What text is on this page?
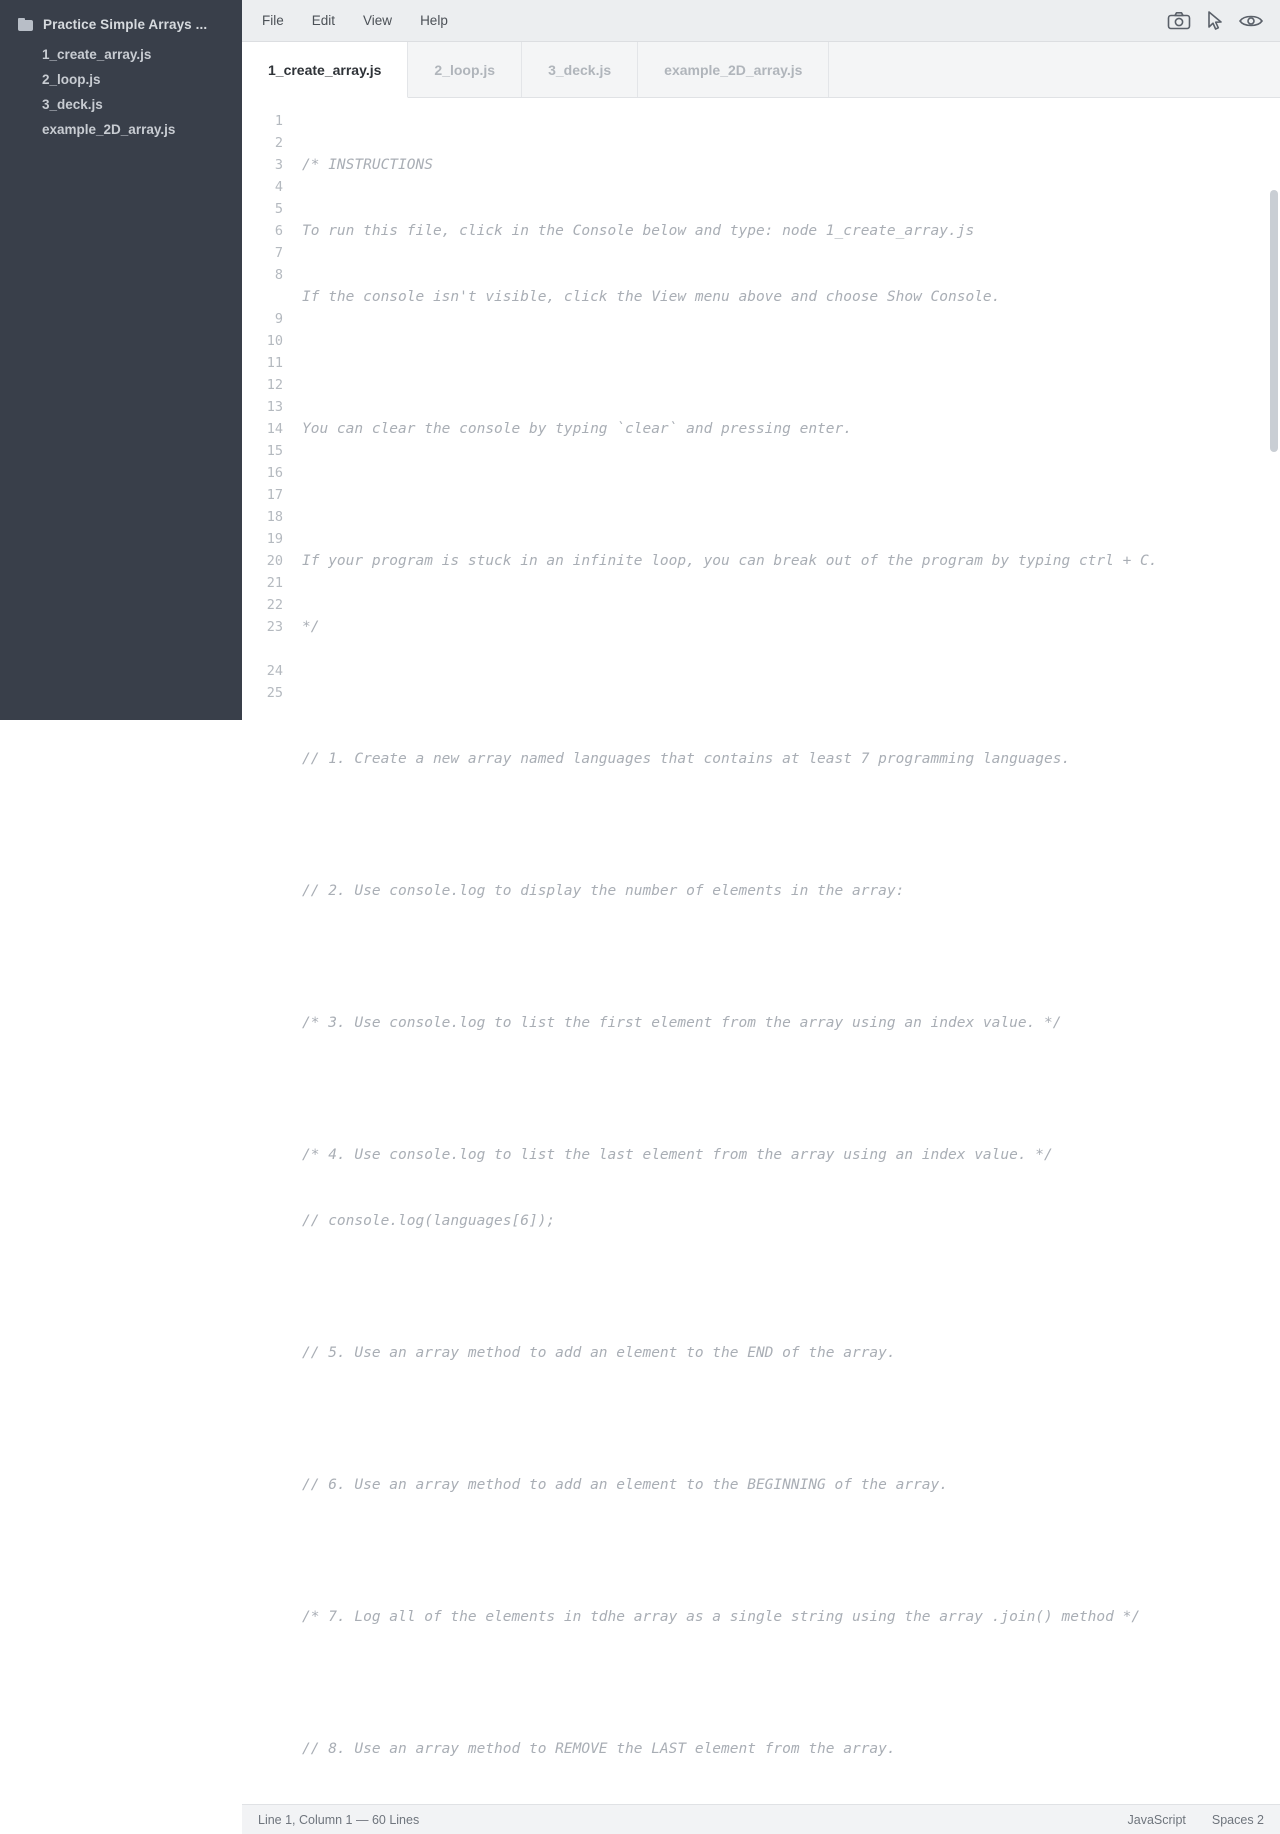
Practice Simple Arrays ...
1_create_array.js
2_loop.js
3_deck.js
example_2D_array.js
File	Edit	View	Help
1_create_array.js	2_loop.js	3_deck.js	example_2D_array.js
1
2
3
4
5
6
7
8
9
10
11
12
13
14
15
16
17
18
19
20
21
22
23
24
25

/* INSTRUCTIONS

To run this file, click in the Console below and type: node 1_create_array.js

If the console isn't visible, click the View menu above and choose Show Console.

You can clear the console by typing `clear` and pressing enter.

If your program is stuck in an infinite loop, you can break out of the program by typing ctrl + C.

*/

// 1. Create a new array named languages that contains at least 7 programming languages.

// 2. Use console.log to display the number of elements in the array:

/* 3. Use console.log to list the first element from the array using an index value. */

/* 4. Use console.log to list the last element from the array using an index value. */

// console.log(languages[6]);

// 5. Use an array method to add an element to the END of the array.

// 6. Use an array method to add an element to the BEGINNING of the array.

/* 7. Log all of the elements in tdhe array as a single string using the array .join() method */

// 8. Use an array method to REMOVE the LAST element from the array.

Line 1, Column 1 — 60 Lines	JavaScript Spaces 2
